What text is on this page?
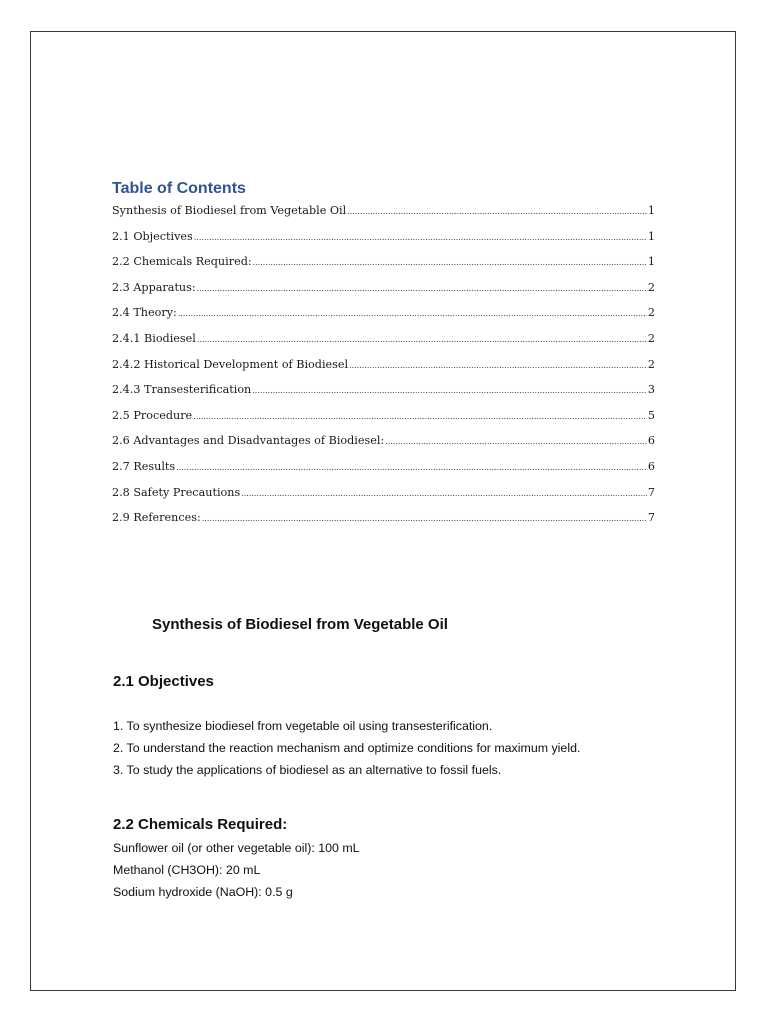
Table of Contents
Synthesis of Biodiesel from Vegetable Oil .....	1
2.1 Objectives .....	1
2.2 Chemicals Required: .....	1
2.3 Apparatus: .....	2
2.4 Theory: .....	2
2.4.1 Biodiesel .....	2
2.4.2 Historical Development of Biodiesel .....	2
2.4.3 Transesterification .....	3
2.5 Procedure .....	5
2.6 Advantages and Disadvantages of Biodiesel: .....	6
2.7 Results .....	6
2.8 Safety Precautions .....	7
2.9 References: .....	7
Synthesis of Biodiesel from Vegetable Oil
2.1 Objectives

1. To synthesize biodiesel from vegetable oil using transesterification.

2. To understand the reaction mechanism and optimize conditions for maximum yield.

3. To study the applications of biodiesel as an alternative to fossil fuels.

2.2 Chemicals Required:

Sunflower oil (or other vegetable oil): 100 mL

Methanol (CH3OH): 20 mL

Sodium hydroxide (NaOH): 0.5 g
